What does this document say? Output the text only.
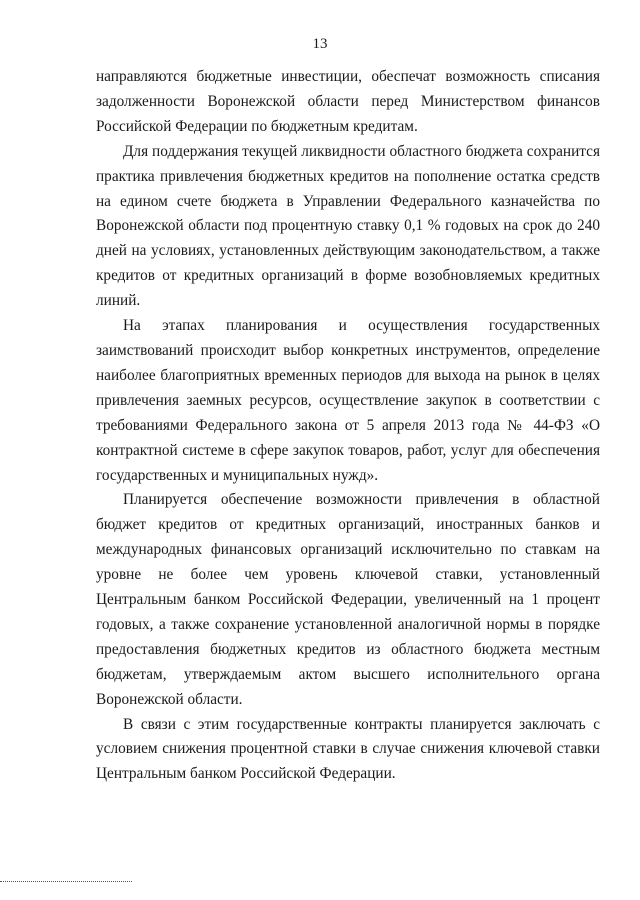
13

направляются бюджетные инвестиции, обеспечат возможность списания задолженности Воронежской области перед Министерством финансов Российской Федерации по бюджетным кредитам.

Для поддержания текущей ликвидности областного бюджета сохранится практика привлечения бюджетных кредитов на пополнение остатка средств на едином счете бюджета в Управлении Федерального казначейства по Воронежской области под процентную ставку 0,1 % годовых на срок до 240 дней на условиях, установленных действующим законодательством, а также кредитов от кредитных организаций в форме возобновляемых кредитных линий.

На этапах планирования и осуществления государственных заимствований происходит выбор конкретных инструментов, определение наиболее благоприятных временных периодов для выхода на рынок в целях привлечения заемных ресурсов, осуществление закупок в соответствии с требованиями Федерального закона от 5 апреля 2013 года № 44-ФЗ «О контрактной системе в сфере закупок товаров, работ, услуг для обеспечения государственных и муниципальных нужд».

Планируется обеспечение возможности привлечения в областной бюджет кредитов от кредитных организаций, иностранных банков и международных финансовых организаций исключительно по ставкам на уровне не более чем уровень ключевой ставки, установленный Центральным банком Российской Федерации, увеличенный на 1 процент годовых, а также сохранение установленной аналогичной нормы в порядке предоставления бюджетных кредитов из областного бюджета местным бюджетам, утверждаемым актом высшего исполнительного органа Воронежской области.

В связи с этим государственные контракты планируется заключать с условием снижения процентной ставки в случае снижения ключевой ставки Центральным банком Российской Федерации.
